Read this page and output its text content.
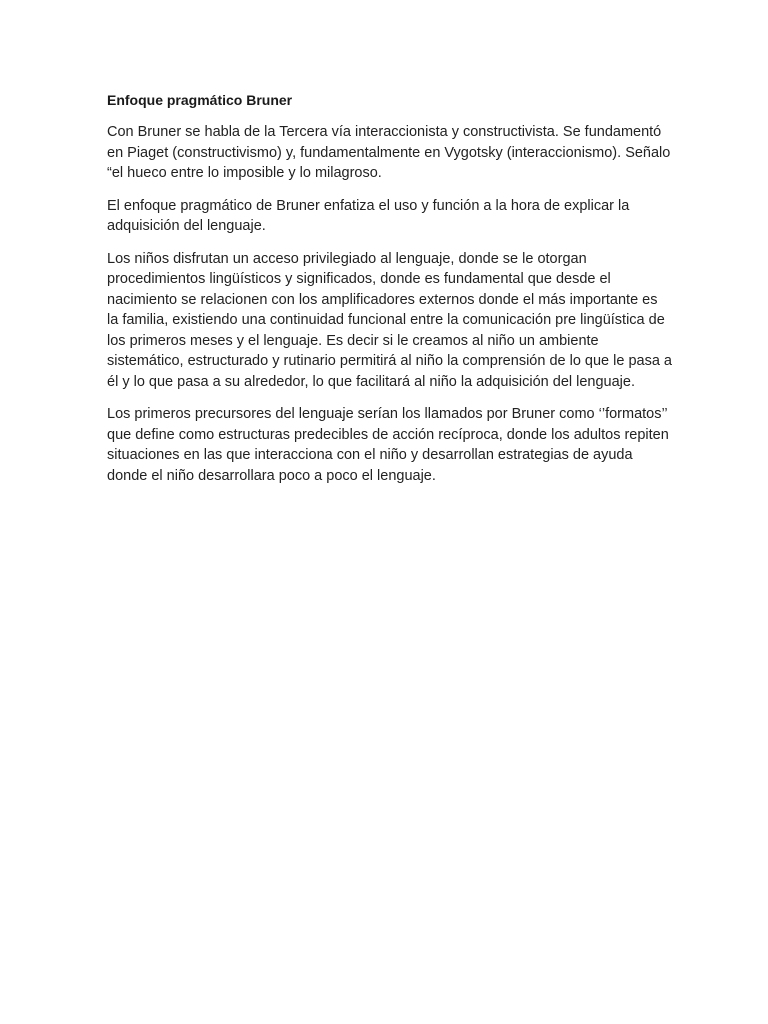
Enfoque pragmático Bruner

Con Bruner se habla de la Tercera vía interaccionista y constructivista. Se fundamentó en Piaget (constructivismo) y, fundamentalmente en Vygotsky (interaccionismo). Señalo “el hueco entre lo imposible y lo milagroso.

El enfoque pragmático de Bruner enfatiza el uso y función a la hora de explicar la adquisición del lenguaje.

Los niños disfrutan un acceso privilegiado al lenguaje, donde se le otorgan procedimientos lingüísticos y significados, donde es fundamental que desde el nacimiento se relacionen con los amplificadores externos donde el más importante es la familia, existiendo una continuidad funcional entre la comunicación pre lingüística de los primeros meses y el lenguaje. Es decir si le creamos al niño un ambiente sistemático, estructurado y rutinario permitirá al niño la comprensión de lo que le pasa a él y lo que pasa a su alrededor, lo que facilitará al niño la adquisición del lenguaje.

Los primeros precursores del lenguaje serían los llamados por Bruner como ‘’formatos’’ que define como estructuras predecibles de acción recíproca, donde los adultos repiten situaciones en las que interacciona con el niño y desarrollan estrategias de ayuda donde el niño desarrollara poco a poco el lenguaje.
